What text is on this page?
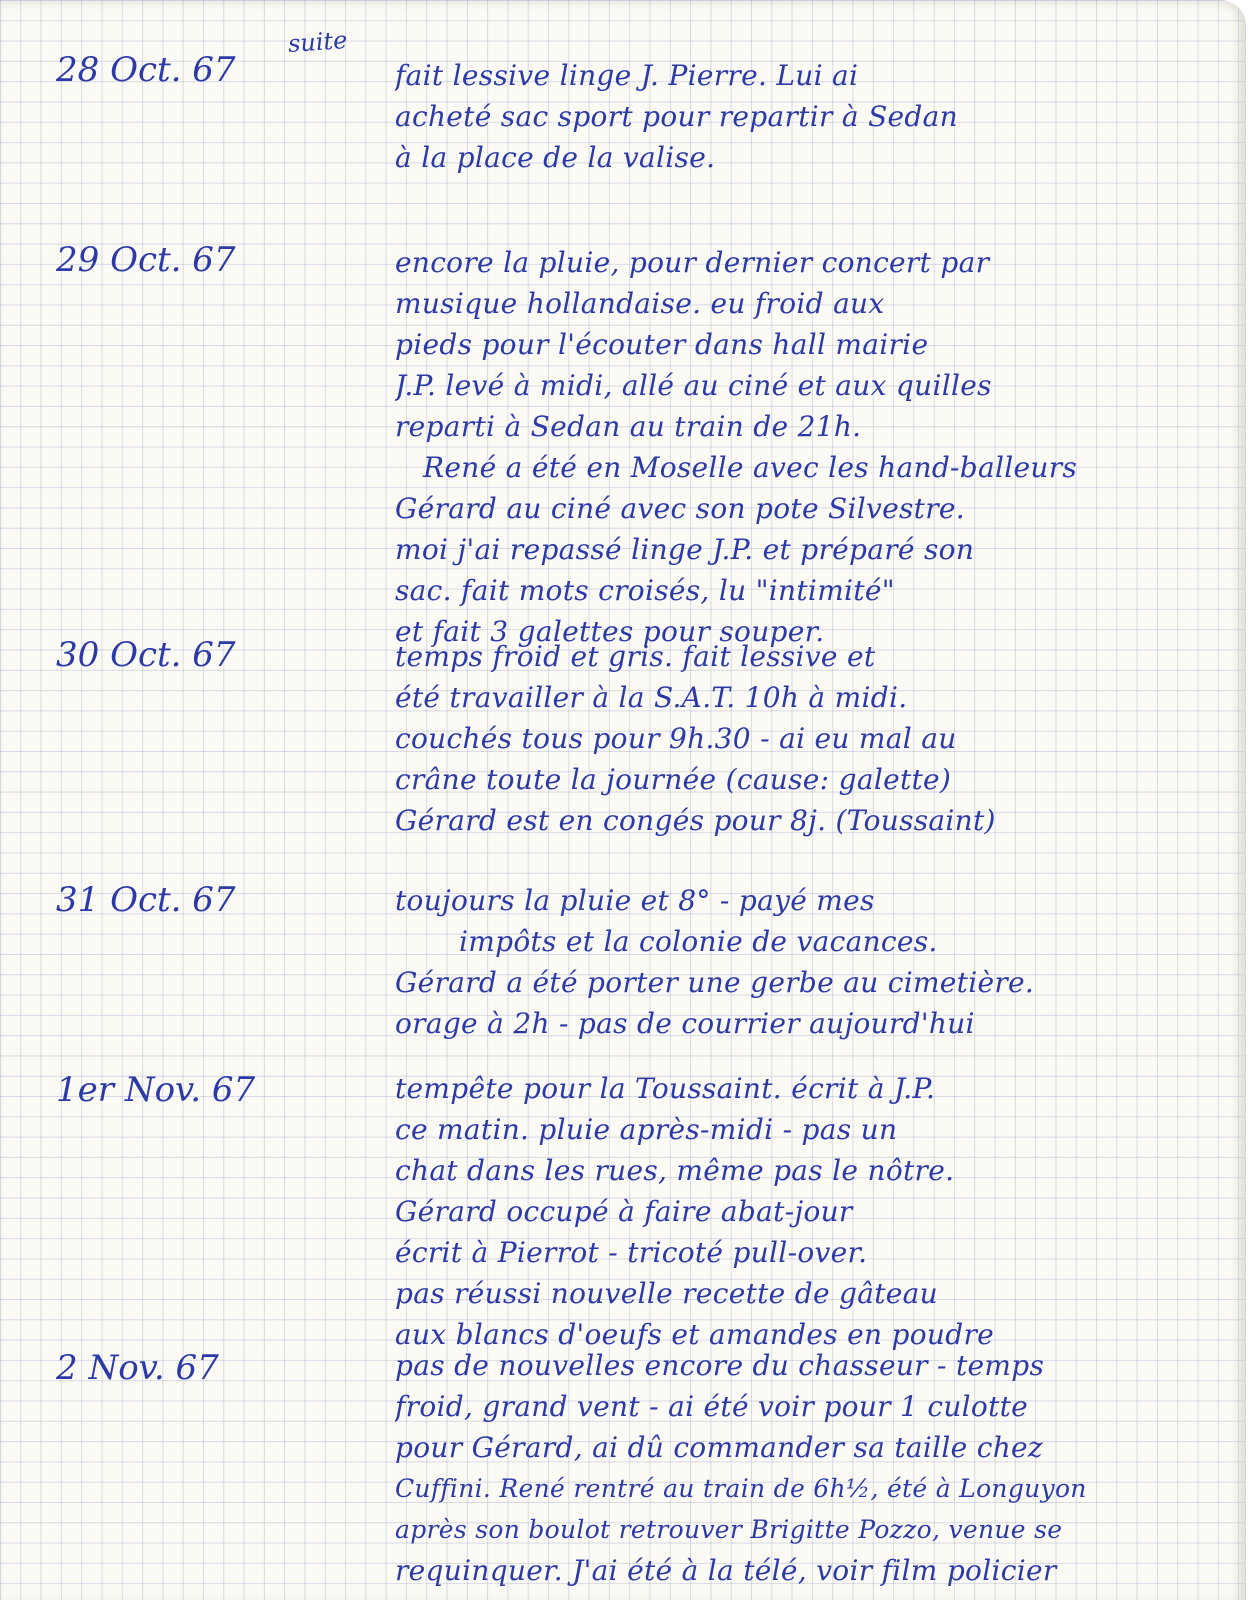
suite
28 Oct. 67	fait lessive linge J. Pierre. Lui ai
acheté sac sport pour repartir à Sedan
à la place de la valise.
29 Oct. 67	encore la pluie, pour dernier concert par
musique hollandaise. eu froid aux
pieds pour l'écouter dans hall mairie
J.P. levé à midi, allé au ciné et aux quilles
reparti à Sedan au train de 21h.
René a été en Moselle avec les hand-balleurs
Gérard au ciné avec son pote Silvestre.
moi j'ai repassé linge J.P. et préparé son
sac. fait mots croisés, lu "intimité"
et fait 3 galettes pour souper.
30 Oct. 67	temps froid et gris. fait lessive et
été travailler à la S.A.T. 10h à midi.
couchés tous pour 9h.30 - ai eu mal au
crâne toute la journée (cause: galette)
Gérard est en congés pour 8j. (Toussaint)
31 Oct. 67	toujours la pluie et 8° - payé mes
impôts et la colonie de vacances.
Gérard a été porter une gerbe au cimetière.
orage à 2h - pas de courrier aujourd'hui
1er Nov. 67	tempête pour la Toussaint. écrit à J.P.
ce matin. pluie après-midi - pas un
chat dans les rues, même pas le nôtre.
Gérard occupé à faire abat-jour
écrit à Pierrot - tricoté pull-over.
pas réussi nouvelle recette de gâteau
aux blancs d'oeufs et amandes en poudre
2 Nov. 67	pas de nouvelles encore du chasseur - temps
froid, grand vent - ai été voir pour 1 culotte
pour Gérard, ai dû commander sa taille chez
Cuffini. René rentré au train de 6h½, été à Longuyon
après son boulot retrouver Brigitte Pozzo, venue se
requinquer. J'ai été à la télé, voir film policier
